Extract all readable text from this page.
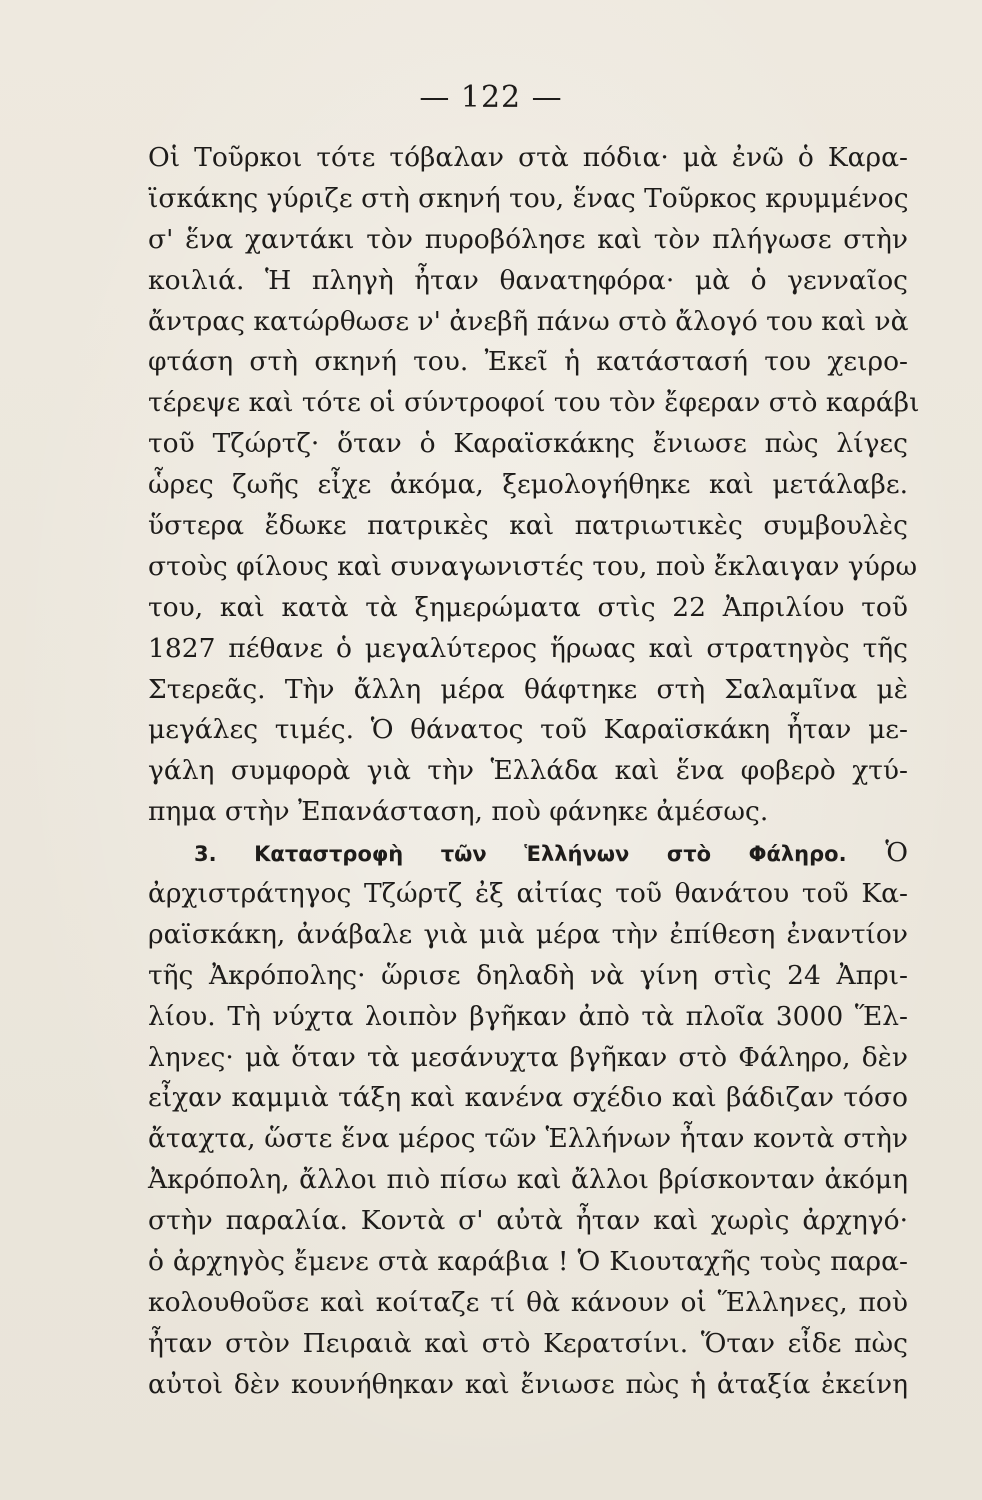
— 122 —
Οἱ Τοῦρκοι τότε τόβαλαν στὰ πόδια· μὰ ἐνῶ ὁ Καρα-
ϊσκάκης γύριζε στὴ σκηνή του, ἕνας Τοῦρκος κρυμμένος
σ' ἕνα χαντάκι τὸν πυροβόλησε καὶ τὸν πλήγωσε στὴν
κοιλιά. Ἡ πληγὴ ἦταν θανατηφόρα· μὰ ὁ γενναῖος
ἄντρας κατώρθωσε ν' ἀνεβῆ πάνω στὸ ἄλογό του καὶ νὰ
φτάση στὴ σκηνή του. Ἐκεῖ ἡ κατάστασή του χειρο-
τέρεψε καὶ τότε οἱ σύντροφοί του τὸν ἔφεραν στὸ καράβι
τοῦ Τζώρτζ· ὅταν ὁ Καραϊσκάκης ἔνιωσε πὼς λίγες
ὧρες ζωῆς εἶχε ἀκόμα, ξεμολογήθηκε καὶ μετάλαβε.
ὕστερα ἔδωκε πατρικὲς καὶ πατριωτικὲς συμβουλὲς
στοὺς φίλους καὶ συναγωνιστές του, ποὺ ἔκλαιγαν γύρω
του, καὶ κατὰ τὰ ξημερώματα στὶς 22 Ἀπριλίου τοῦ
1827 πέθανε ὁ μεγαλύτερος ἥρωας καὶ στρατηγὸς τῆς
Στερεᾶς. Τὴν ἄλλη μέρα θάφτηκε στὴ Σαλαμῖνα μὲ
μεγάλες τιμές. Ὁ θάνατος τοῦ Καραϊσκάκη ἦταν με-
γάλη συμφορὰ γιὰ τὴν Ἑλλάδα καὶ ἕνα φοβερὸ χτύ-
πημα στὴν Ἐπανάσταση, ποὺ φάνηκε ἀμέσως.
3. Καταστροφὴ τῶν Ἑλλήνων στὸ Φάληρο. Ὁ
ἀρχιστράτηγος Τζώρτζ ἐξ αἰτίας τοῦ θανάτου τοῦ Κα-
ραϊσκάκη, ἀνάβαλε γιὰ μιὰ μέρα τὴν ἐπίθεση ἐναντίον
τῆς Ἀκρόπολης· ὥρισε δηλαδὴ νὰ γίνη στὶς 24 Ἀπρι-
λίου. Τὴ νύχτα λοιπὸν βγῆκαν ἀπὸ τὰ πλοῖα 3000 Ἕλ-
ληνες· μὰ ὅταν τὰ μεσάνυχτα βγῆκαν στὸ Φάληρο, δὲν
εἶχαν καμμιὰ τάξη καὶ κανένα σχέδιο καὶ βάδιζαν τόσο
ἄταχτα, ὥστε ἕνα μέρος τῶν Ἑλλήνων ἦταν κοντὰ στὴν
Ἀκρόπολη, ἄλλοι πιὸ πίσω καὶ ἄλλοι βρίσκονταν ἀκόμη
στὴν παραλία. Κοντὰ σ' αὐτὰ ἦταν καὶ χωρὶς ἀρχηγό·
ὁ ἀρχηγὸς ἔμενε στὰ καράβια ! Ὁ Κιουταχῆς τοὺς παρα-
κολουθοῦσε καὶ κοίταζε τί θὰ κάνουν οἱ Ἕλληνες, ποὺ
ἦταν στὸν Πειραιὰ καὶ στὸ Κερατσίνι. Ὅταν εἶδε πὼς
αὐτοὶ δὲν κουνήθηκαν καὶ ἔνιωσε πὼς ἡ ἀταξία ἐκείνη
